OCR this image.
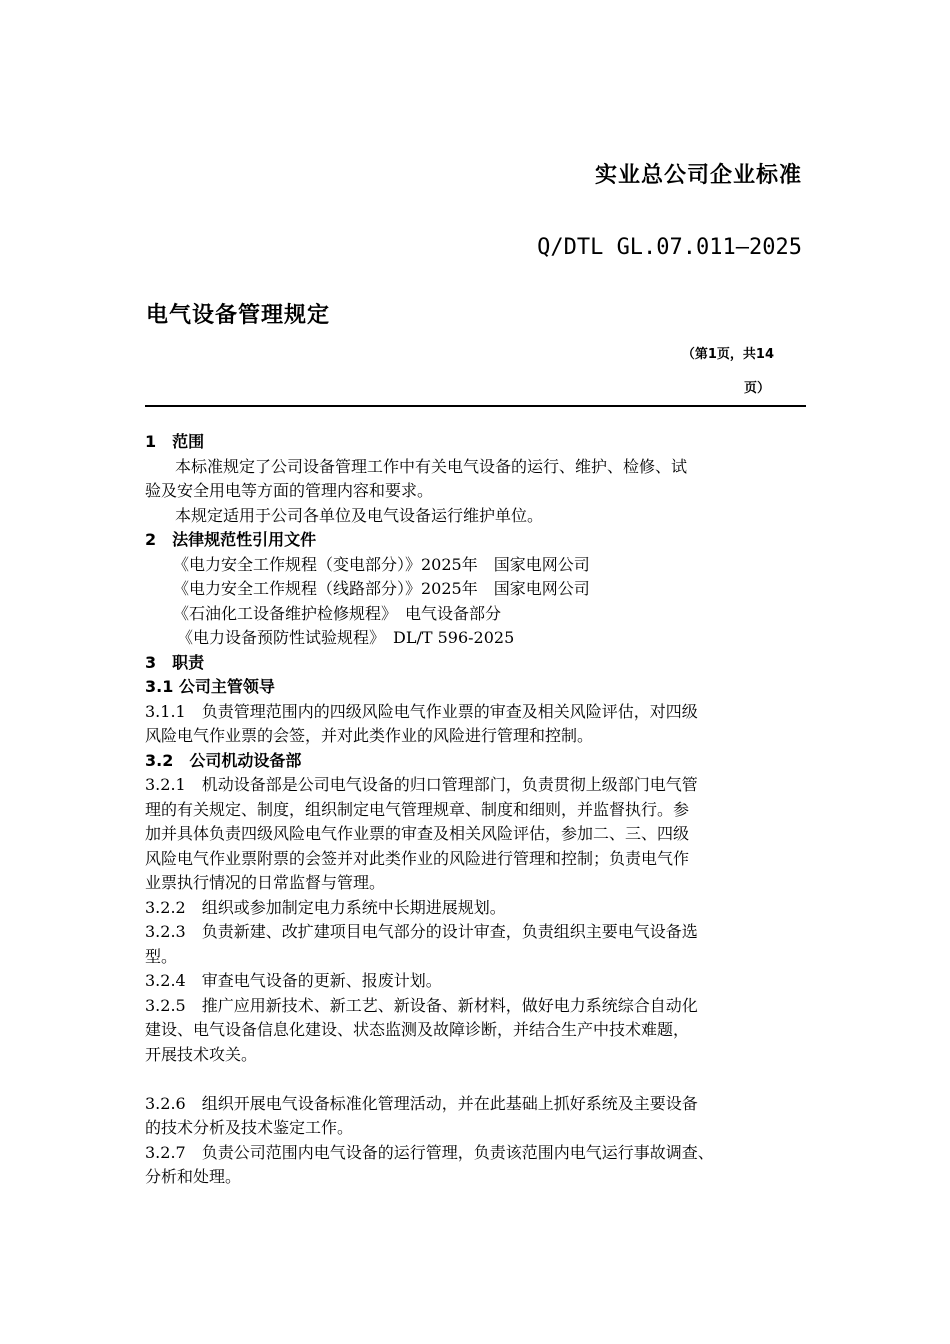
实业总公司企业标准
Q/DTL GL.07.011—2025
电气设备管理规定
（第1页，共14
页）
1　范围
本标准规定了公司设备管理工作中有关电气设备的运行、维护、检修、试
验及安全用电等方面的管理内容和要求。
本规定适用于公司各单位及电气设备运行维护单位。
2　法律规范性引用文件
《电力安全工作规程（变电部分）》2025年　国家电网公司
《电力安全工作规程（线路部分）》2025年　国家电网公司
《石油化工设备维护检修规程》　电气设备部分
《电力设备预防性试验规程》　DL/T 596-2025
3　职责
3.1 公司主管领导
3.1.1　负责管理范围内的四级风险电气作业票的审查及相关风险评估，对四级
风险电气作业票的会签，并对此类作业的风险进行管理和控制。
3.2　公司机动设备部
3.2.1　机动设备部是公司电气设备的归口管理部门，负责贯彻上级部门电气管
理的有关规定、制度，组织制定电气管理规章、制度和细则，并监督执行。参
加并具体负责四级风险电气作业票的审查及相关风险评估，参加二、三、四级
风险电气作业票附票的会签并对此类作业的风险进行管理和控制；负责电气作
业票执行情况的日常监督与管理。
3.2.2　组织或参加制定电力系统中长期进展规划。
3.2.3　负责新建、改扩建项目电气部分的设计审查，负责组织主要电气设备选
型。
3.2.4　审查电气设备的更新、报废计划。
3.2.5　推广应用新技术、新工艺、新设备、新材料，做好电力系统综合自动化
建设、电气设备信息化建设、状态监测及故障诊断，并结合生产中技术难题，
开展技术攻关。
3.2.6　组织开展电气设备标准化管理活动，并在此基础上抓好系统及主要设备
的技术分析及技术鉴定工作。
3.2.7　负责公司范围内电气设备的运行管理，负责该范围内电气运行事故调查、
分析和处理。
